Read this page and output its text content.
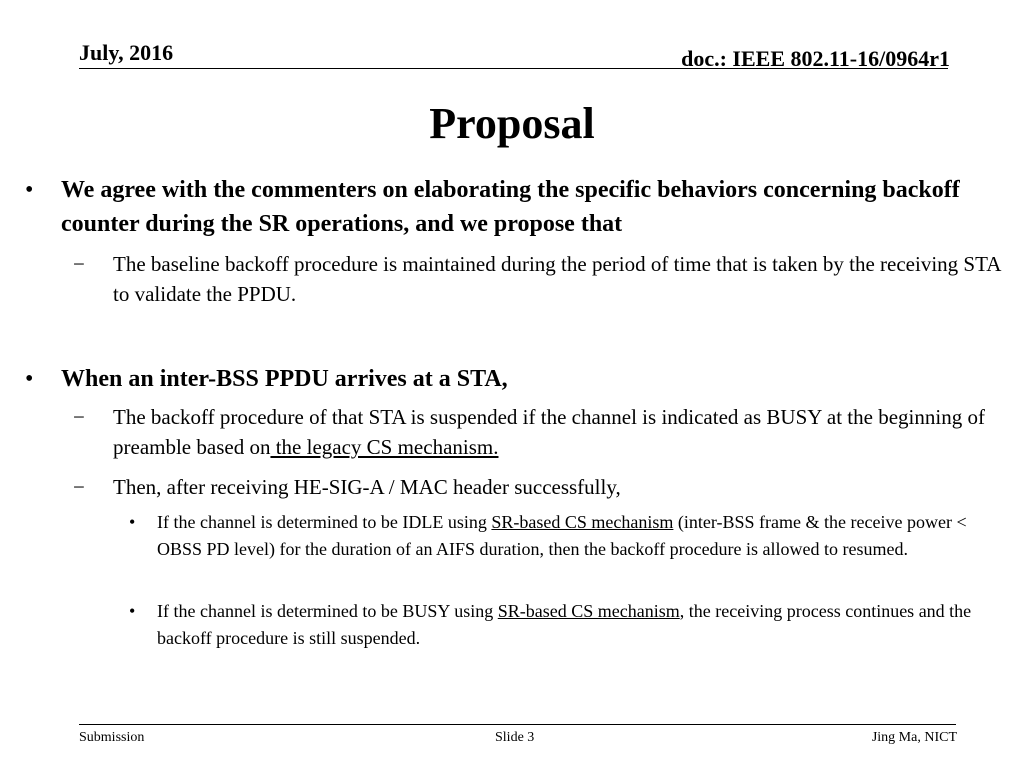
July, 2016	doc.: IEEE 802.11-16/0964r1
Proposal
• We agree with the commenters on elaborating the specific behaviors concerning backoff counter during the SR operations, and we propose that
− The baseline backoff procedure is maintained during the period of time that is taken by the receiving STA to validate the PPDU.
• When an inter-BSS PPDU arrives at a STA,
− The backoff procedure of that STA is suspended if the channel is indicated as BUSY at the beginning of preamble based on the legacy CS mechanism.
− Then, after receiving HE-SIG-A / MAC header successfully,
• If the channel is determined to be IDLE using SR-based CS mechanism (inter-BSS frame & the receive power < OBSS PD level) for the duration of an AIFS duration, then the backoff procedure is allowed to resumed.
• If the channel is determined to be BUSY using SR-based CS mechanism, the receiving process continues and the backoff procedure is still suspended.
Submission	Slide 3	Jing Ma, NICT
